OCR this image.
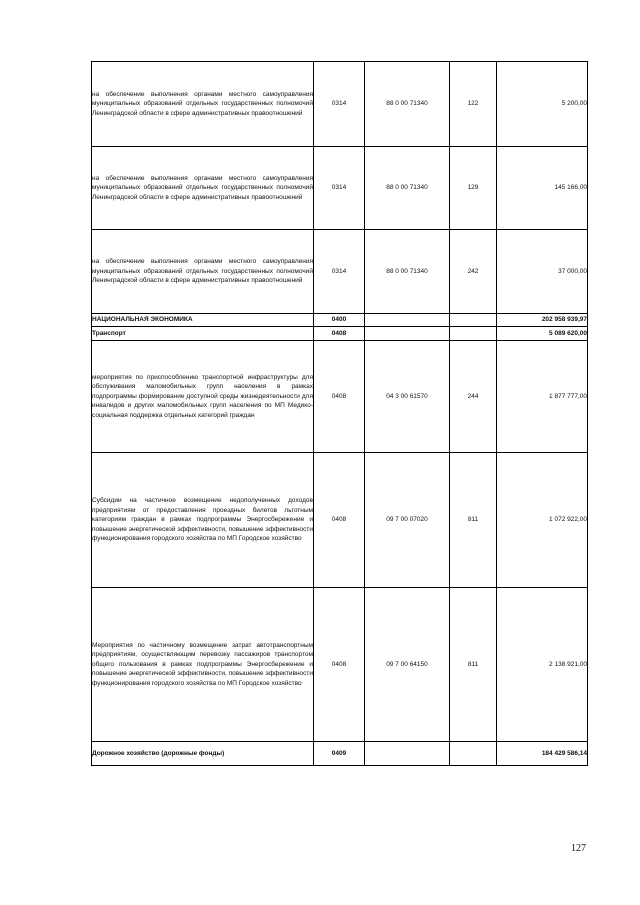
на обеспечение выполнения органами местного самоуправления муниципальных образований отдельных государственных полномочий Ленинградской области в сфере административных правоотношений	0314	88 0 00 71340	122	5 200,00
на обеспечение выполнения органами местного самоуправления муниципальных образований отдельных государственных полномочий Ленинградской области в сфере административных правоотношений	0314	88 0 00 71340	129	145 166,00
на обеспечение выполнения органами местного самоуправления муниципальных образований отдельных государственных полномочий Ленинградской области в сфере административных правоотношений	0314	88 0 00 71340	242	37 000,00
НАЦИОНАЛЬНАЯ ЭКОНОМИКА	0400			202 958 939,97
Транспорт	0408			5 089 620,00
мероприятия по приспособлению транспортной инфраструктуры для обслуживания маломобильных групп населения в рамках подпрограммы формирование доступной среды жизнедеятельности для инвалидов и других маломобильных групп населения по МП Медико-социальная поддержка отдельных категорий граждан	0408	04 3 00 61570	244	1 877 777,00
Субсидии на частичное возмещение недополученных доходов предприятиям от предоставления проездных билетов льготным категориям граждан в рамках подпрограммы Энергосбережение и повышение энергетической эффективности, повышение эффективности функционирования городского хозяйства по МП Городское хозяйство	0408	09 7 00 07020	811	1 072 922,00
Мероприятия по частичному возмещение затрат автотранспортным предприятиям, осуществляющим перевозку пассажиров транспортом общего пользования в рамках подпрограммы Энергосбережение и повышение энергетической эффективности, повышение эффективности функционирования городского хозяйства по МП Городское хозяйство	0408	09 7 00 64150	811	2 138 921,00
Дорожное хозяйство (дорожные фонды)	0409			184 429 586,14
127
